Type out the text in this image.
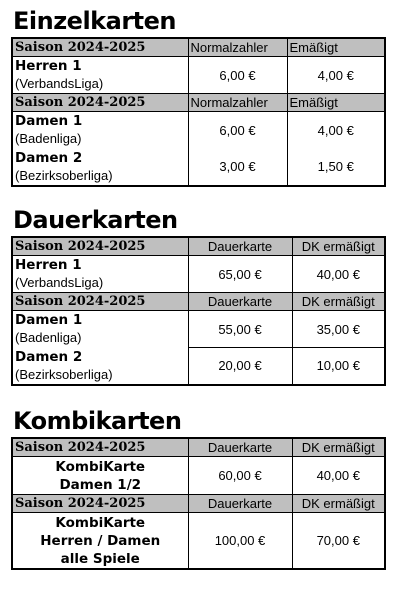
Einzelkarten
Saison 2024-2025	Normalzahler	Emäßigt

Herren 1
(VerbandsLiga)	6,00 €	4,00 €
Saison 2024-2025	Normalzahler	Emäßigt

Damen 1
(Badenliga)	6,00 €	4,00 €

Damen 2
(Bezirksoberliga)	3,00 €	1,50 €
Dauerkarten
Saison 2024-2025	Dauerkarte	DK ermäßigt

Herren 1
(VerbandsLiga)	65,00 €	40,00 €
Saison 2024-2025	Dauerkarte	DK ermäßigt

Damen 1
(Badenliga)	55,00 €	35,00 €

Damen 2
(Bezirksoberliga)	20,00 €	10,00 €
Kombikarten
Saison 2024-2025	Dauerkarte	DK ermäßigt

KombiKarte
Damen 1/2	60,00 €	40,00 €
Saison 2024-2025	Dauerkarte	DK ermäßigt

KombiKarte
Herren / Damen
alle Spiele	100,00 €	70,00 €
